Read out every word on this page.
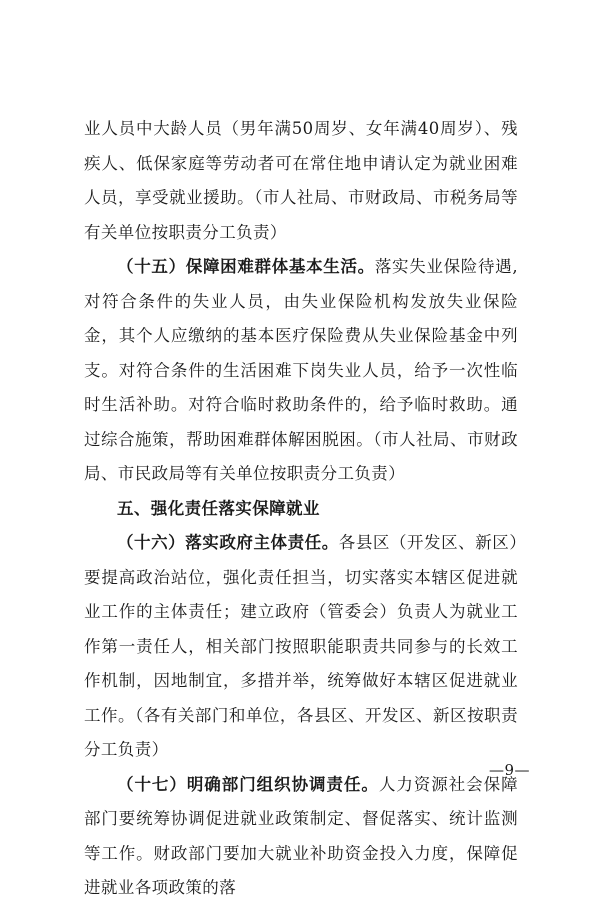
业人员中大龄人员（男年满50周岁、女年满40周岁）、残疾人、低保家庭等劳动者可在常住地申请认定为就业困难人员，享受就业援助。（市人社局、市财政局、市税务局等有关单位按职责分工负责）

（十五）保障困难群体基本生活。落实失业保险待遇,对符合条件的失业人员，由失业保险机构发放失业保险金，其个人应缴纳的基本医疗保险费从失业保险基金中列支。对符合条件的生活困难下岗失业人员，给予一次性临时生活补助。对符合临时救助条件的，给予临时救助。通过综合施策，帮助困难群体解困脱困。（市人社局、市财政局、市民政局等有关单位按职责分工负责）

五、强化责任落实保障就业

（十六）落实政府主体责任。各县区（开发区、新区）要提高政治站位，强化责任担当，切实落实本辖区促进就业工作的主体责任；建立政府（管委会）负责人为就业工作第一责任人，相关部门按照职能职责共同参与的长效工作机制，因地制宜，多措并举，统筹做好本辖区促进就业工作。（各有关部门和单位，各县区、开发区、新区按职责分工负责）

（十七）明确部门组织协调责任。人力资源社会保障部门要统筹协调促进就业政策制定、督促落实、统计监测等工作。财政部门要加大就业补助资金投入力度，保障促进就业各项政策的落

—9—
